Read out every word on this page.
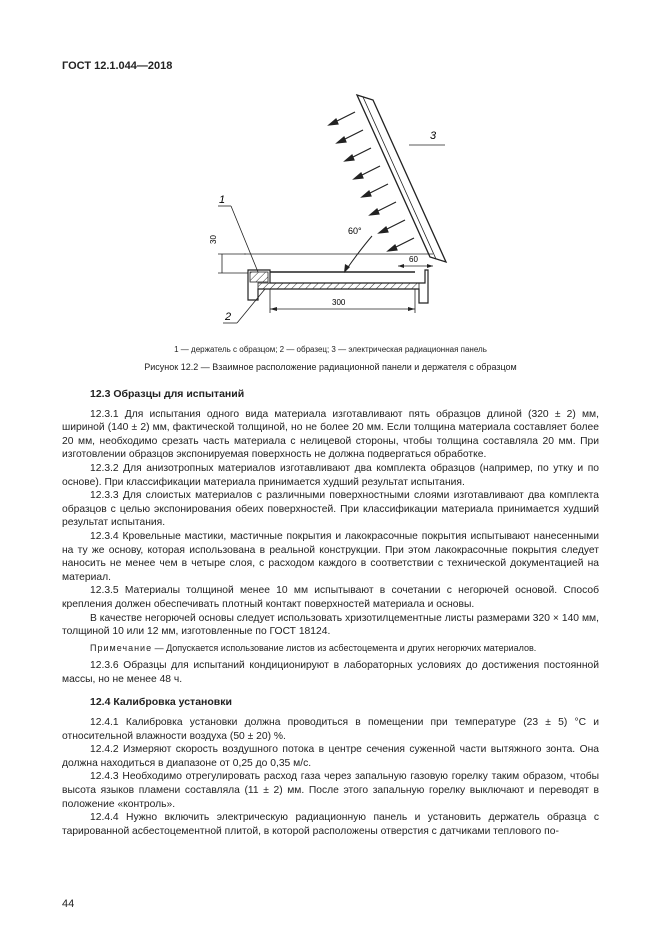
ГОСТ 12.1.044—2018
60°
30
60
300
1
2
3
1 — держатель с образцом; 2 — образец; 3 — электрическая радиационная панель
Рисунок 12.2 — Взаимное расположение радиационной панели и держателя с образцом
12.3 Образцы для испытаний

12.3.1 Для испытания одного вида материала изготавливают пять образцов длиной (320 ± 2) мм, шириной (140 ± 2) мм, фактической толщиной, но не более 20 мм. Если толщина материала составляет более 20 мм, необходимо срезать часть материала с нелицевой стороны, чтобы толщина составляла 20 мм. При изготовлении образцов экспонируемая поверхность не должна подвергаться обработке.

12.3.2 Для анизотропных материалов изготавливают два комплекта образцов (например, по утку и по основе). При классификации материала принимается худший результат испытания.

12.3.3 Для слоистых материалов с различными поверхностными слоями изготавливают два комплекта образцов с целью экспонирования обеих поверхностей. При классификации материала принимается худший результат испытания.

12.3.4 Кровельные мастики, мастичные покрытия и лакокрасочные покрытия испытывают нанесенными на ту же основу, которая использована в реальной конструкции. При этом лакокрасочные покрытия следует наносить не менее чем в четыре слоя, с расходом каждого в соответствии с технической документацией на материал.

12.3.5 Материалы толщиной менее 10 мм испытывают в сочетании с негорючей основой. Способ крепления должен обеспечивать плотный контакт поверхностей материала и основы.

В качестве негорючей основы следует использовать хризотилцементные листы размерами 320 × 140 мм, толщиной 10 или 12 мм, изготовленные по ГОСТ 18124.

Примечание — Допускается использование листов из асбестоцемента и других негорючих материалов.

12.3.6 Образцы для испытаний кондиционируют в лабораторных условиях до достижения постоянной массы, но не менее 48 ч.

12.4 Калибровка установки

12.4.1 Калибровка установки должна проводиться в помещении при температуре (23 ± 5) °С и относительной влажности воздуха (50 ± 20) %.

12.4.2 Измеряют скорость воздушного потока в центре сечения суженной части вытяжного зонта. Она должна находиться в диапазоне от 0,25 до 0,35 м/с.

12.4.3 Необходимо отрегулировать расход газа через запальную газовую горелку таким образом, чтобы высота языков пламени составляла (11 ± 2) мм. После этого запальную горелку выключают и переводят в положение «контроль».

12.4.4 Нужно включить электрическую радиационную панель и установить держатель образца с тарированной асбестоцементной плитой, в которой расположены отверстия с датчиками теплового по-

44
